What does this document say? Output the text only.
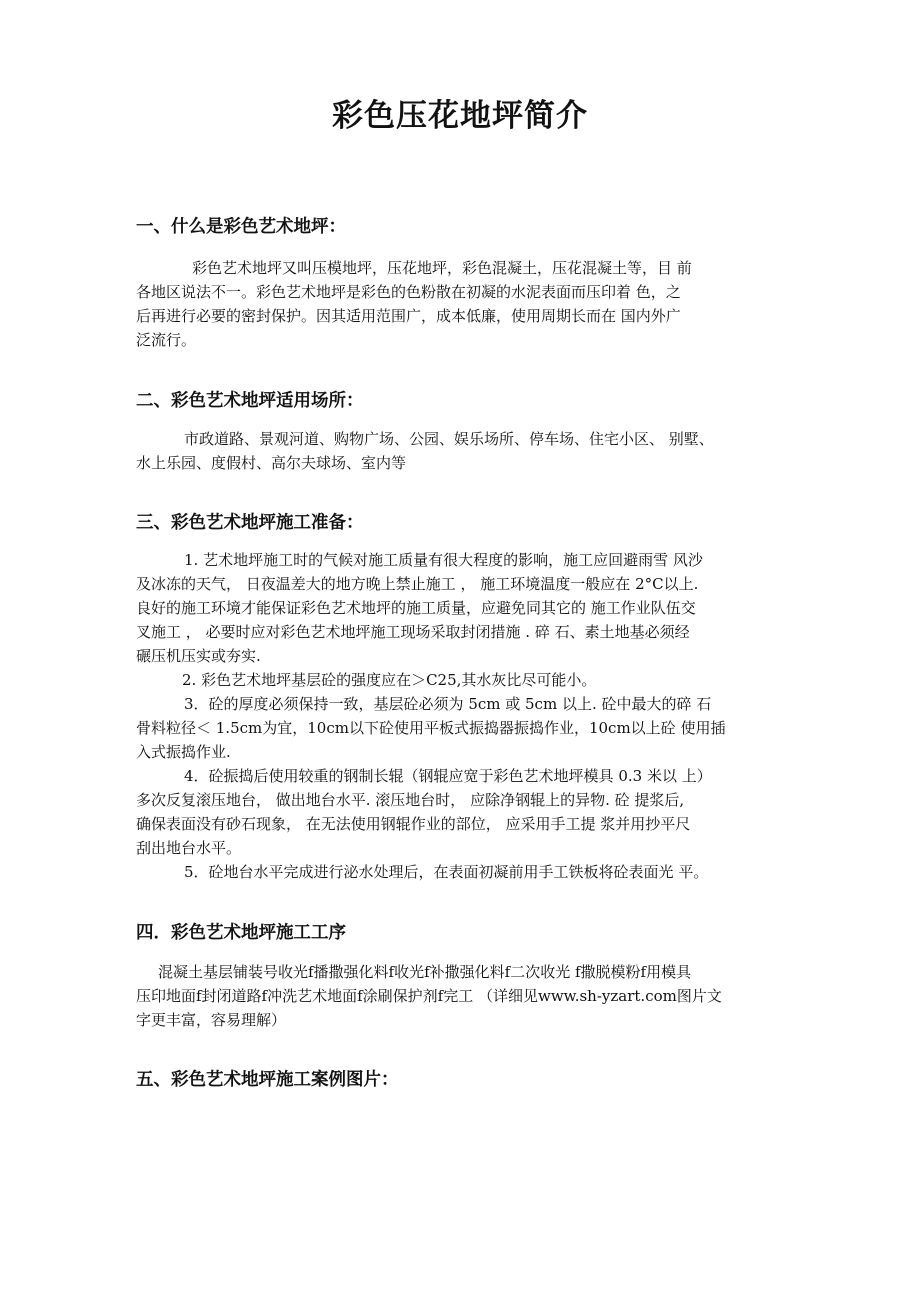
彩色压花地坪简介
一、什么是彩色艺术地坪：
彩色艺术地坪又叫压模地坪，压花地坪，彩色混凝土，压花混凝土等，目 前
各地区说法不一。彩色艺术地坪是彩色的色粉散在初凝的水泥表面而压印着 色，之
后再进行必要的密封保护。因其适用范围广，成本低廉，使用周期长而在 国内外广
泛流行。
二、彩色艺术地坪适用场所：
市政道路、景观河道、购物广场、公园、娱乐场所、停车场、住宅小区、 别墅、
水上乐园、度假村、高尔夫球场、室内等
三、彩色艺术地坪施工准备：
1. 艺术地坪施工时的气候对施工质量有很大程度的影响，施工应回避雨雪 风沙
及冰冻的天气， 日夜温差大的地方晚上禁止施工 ， 施工环境温度一般应在 2°C以上.
良好的施工环境才能保证彩色艺术地坪的施工质量，应避免同其它的 施工作业队伍交
叉施工 ， 必要时应对彩色艺术地坪施工现场采取封闭措施 . 碎 石、素土地基必须经
碾压机压实或夯实.
2. 彩色艺术地坪基层砼的强度应在＞C25,其水灰比尽可能小。
3．砼的厚度必须保持一致，基层砼必须为 5cm 或 5cm 以上. 砼中最大的碎 石
骨料粒径＜ 1.5cm为宜，10cm以下砼使用平板式振捣器振捣作业，10cm以上砼 使用插
入式振捣作业.
4．砼振捣后使用较重的钢制长辊（钢辊应宽于彩色艺术地坪模具 0.3 米以 上）
多次反复滚压地台， 做出地台水平. 滚压地台时， 应除净钢辊上的异物. 砼 提浆后,
确保表面没有砂石现象， 在无法使用钢辊作业的部位， 应采用手工提 浆并用抄平尺
刮出地台水平。
5．砼地台水平完成进行泌水处理后，在表面初凝前用手工铁板将砼表面光 平。
四．彩色艺术地坪施工工序
混凝土基层铺装号收光f播撒强化料f收光f补撒强化料f二次收光 f撒脱模粉f用模具
压印地面f封闭道路f冲洗艺术地面f涂刷保护剂f完工 （详细见www.sh-yzart.com图片文
字更丰富，容易理解）
五、彩色艺术地坪施工案例图片：
